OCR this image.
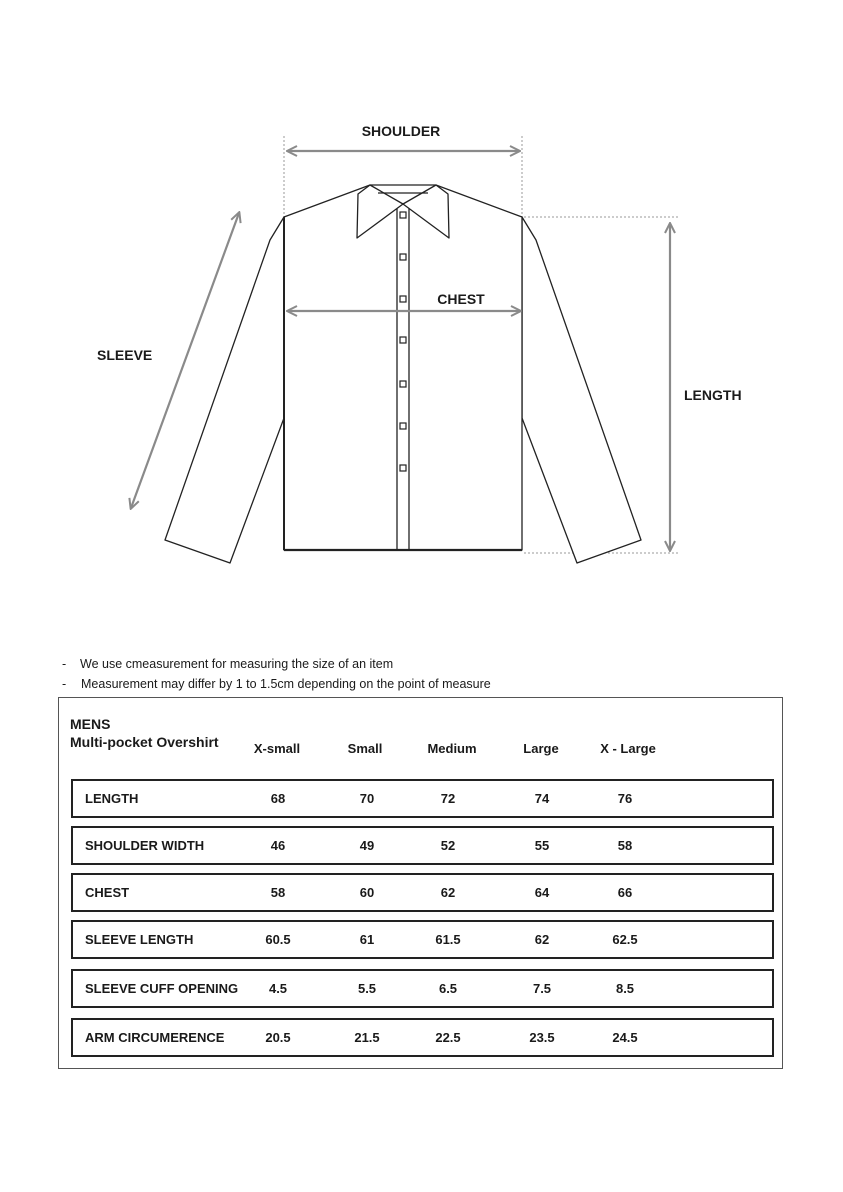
SHOULDER
CHEST
SLEEVE
LENGTH
-	We use cmeasurement for measuring the size of an item
-	Measurement may differ by 1 to 1.5cm depending on the point of measure
MENS
Multi-pocket Overshirt	X-small	Small	Medium	Large	X - Large
LENGTH	68	70	72	74	76
SHOULDER WIDTH	46	49	52	55	58
CHEST	58	60	62	64	66
SLEEVE LENGTH	60.5	61	61.5	62	62.5
SLEEVE CUFF OPENING 4.5	5.5	6.5	7.5	8.5
ARM CIRCUMERENCE	20.5	21.5	22.5	23.5	24.5
